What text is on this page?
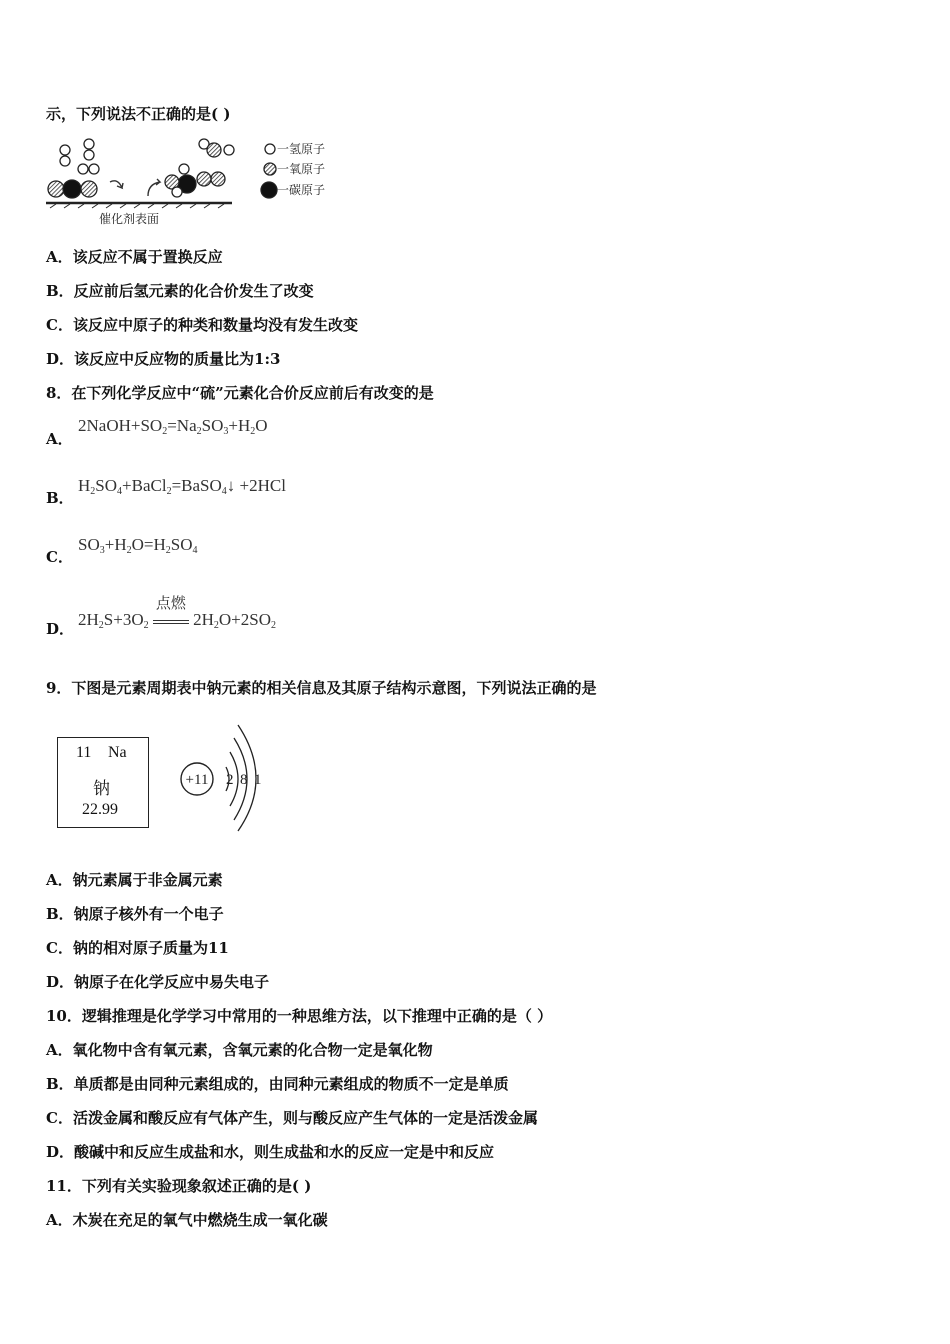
示，下列说法不正确的是( )
催化剂表面
一氢原子
一氧原子
一碳原子
A．该反应不属于置换反应
B．反应前后氢元素的化合价发生了改变
C．该反应中原子的种类和数量均没有发生改变
D．该反应中反应物的质量比为1:3
8．在下列化学反应中“硫”元素化合价反应前后有改变的是
A．
$2NaOH+SO_2=Na_2SO_3+H_2O$
B．
$H_2SO_4+BaCl_2=BaSO_4↓ +2HCl$
C．
$SO_3+H_2O=H_2SO_4$
D． $2H_2S+3O_2$
点燃
$2H_2O+2SO_2$
9．下图是元素周期表中钠元素的相关信息及其原子结构示意图，下列说法正确的是
11 Na
钠
22.99
+11 2 8 1
A．钠元素属于非金属元素
B．钠原子核外有一个电子
C．钠的相对原子质量为11
D．钠原子在化学反应中易失电子
10．逻辑推理是化学学习中常用的一种思维方法，以下推理中正确的是（ ）
A．氧化物中含有氧元素，含氧元素的化合物一定是氧化物
B．单质都是由同种元素组成的，由同种元素组成的物质不一定是单质
C．活泼金属和酸反应有气体产生，则与酸反应产生气体的一定是活泼金属
D．酸碱中和反应生成盐和水，则生成盐和水的反应一定是中和反应
11．下列有关实验现象叙述正确的是( )
A．木炭在充足的氧气中燃烧生成一氧化碳
